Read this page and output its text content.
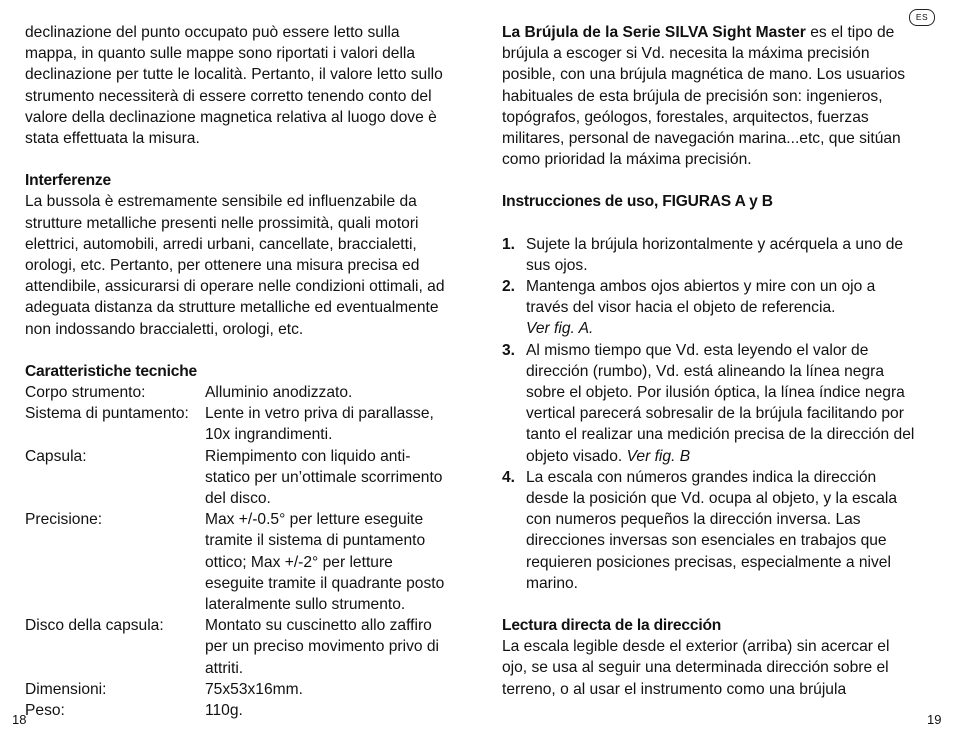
declinazione del punto occupato può essere letto sulla mappa, in quanto sulle mappe sono riportati i valori della declinazione per tutte le località. Pertanto, il valore letto sullo strumento necessiterà di essere corretto tenendo conto del valore della declinazione magnetica relativa al luogo dove è stata effettuata la misura.

Interferenze

La bussola è estremamente sensibile ed influenzabile da strutture metalliche presenti nelle prossimità, quali motori elettrici, automobili, arredi urbani, cancellate, braccialetti, orologi, etc. Pertanto, per ottenere una misura precisa ed attendibile, assicurarsi di operare nelle condizioni ottimali, ad adeguata distanza da strutture metalliche ed eventualmente non indossando braccialetti, orologi, etc.

Caratteristiche tecniche

Corpo strumento:	Alluminio anodizzato.
Sistema di puntamento:	Lente in vetro priva di parallasse, 10x ingrandimenti.
Capsula:	Riempimento con liquido anti-statico per un’ottimale scorrimento del disco.
Precisione:	Max +/-0.5° per letture eseguite tramite il sistema di puntamento ottico; Max +/-2° per letture eseguite tramite il quadrante posto lateralmente sullo strumento.
Disco della capsula:	Montato su cuscinetto allo zaffiro per un preciso movimento privo di attriti.
Dimensioni:	75x53x16mm.
Peso:	110g.
18
ES

La Brújula de la Serie SILVA Sight Master es el tipo de brújula a escoger si Vd. necesita la máxima precisión posible, con una brújula magnética de mano. Los usuarios habituales de esta brújula de precisión son: ingenieros, topógrafos, geólogos, forestales, arquitectos, fuerzas militares, personal de navegación marina...etc, que sitúan como prioridad la máxima precisión.

Instrucciones de uso, FIGURAS A y B

1. Sujete la brújula horizontalmente y acérquela a uno de sus ojos.
2. Mantenga ambos ojos abiertos y mire con un ojo a través del visor hacia el objeto de referencia.
Ver fig. A.
3. Al mismo tiempo que Vd. esta leyendo el valor de dirección (rumbo), Vd. está alineando la línea negra sobre el objeto. Por ilusión óptica, la línea índice negra vertical parecerá sobresalir de la brújula facilitando por tanto el realizar una medición precisa de la dirección del objeto visado. Ver fig. B
4. La escala con números grandes indica la dirección desde la posición que Vd. ocupa al objeto, y la escala con numeros pequeños la dirección inversa. Las direcciones inversas son esenciales en trabajos que requieren posiciones precisas, especialmente a nivel marino.

Lectura directa de la dirección

La escala legible desde el exterior (arriba) sin acercar el ojo, se usa al seguir una determinada dirección sobre el terreno, o al usar el instrumento como una brújula

19
